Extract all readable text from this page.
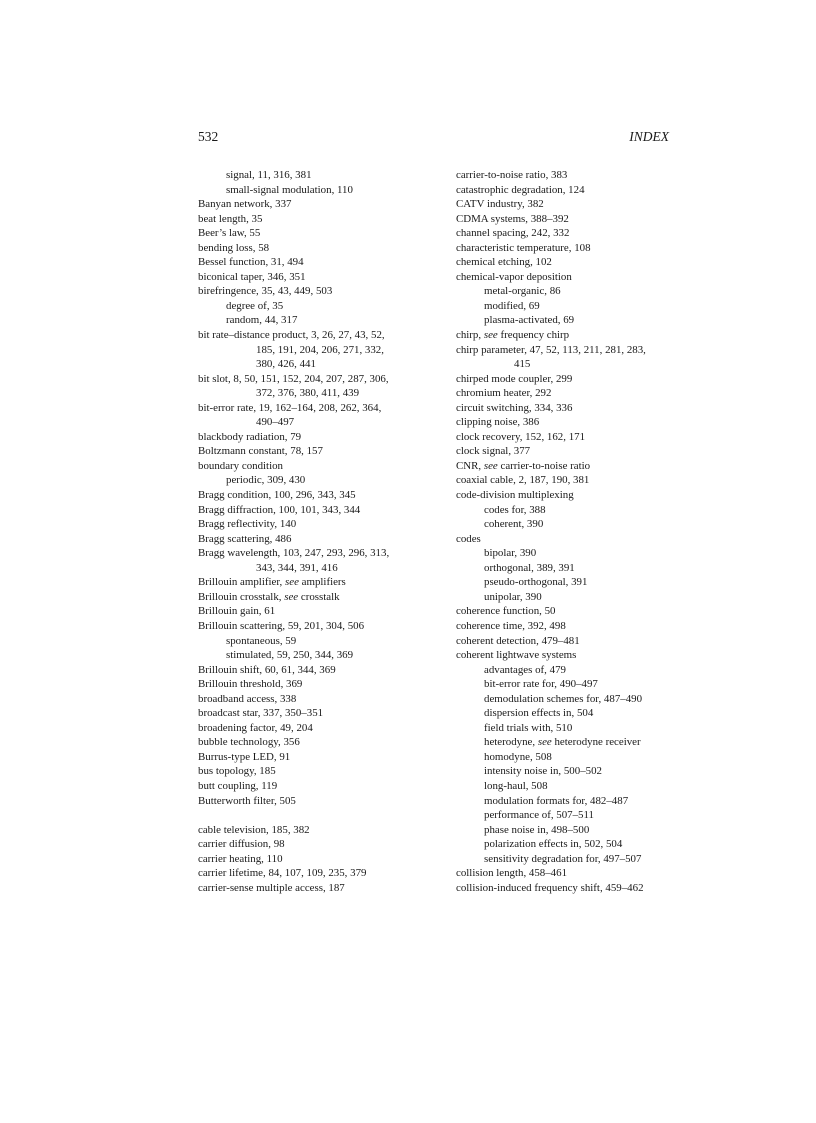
532	INDEX
signal, 11, 316, 381
small-signal modulation, 110
Banyan network, 337
beat length, 35
Beer’s law, 55
bending loss, 58
Bessel function, 31, 494
biconical taper, 346, 351
birefringence, 35, 43, 449, 503
degree of, 35
random, 44, 317
bit rate–distance product, 3, 26, 27, 43, 52,
185, 191, 204, 206, 271, 332,
380, 426, 441
bit slot, 8, 50, 151, 152, 204, 207, 287, 306,
372, 376, 380, 411, 439
bit-error rate, 19, 162–164, 208, 262, 364,
490–497
blackbody radiation, 79
Boltzmann constant, 78, 157
boundary condition
periodic, 309, 430
Bragg condition, 100, 296, 343, 345
Bragg diffraction, 100, 101, 343, 344
Bragg reflectivity, 140
Bragg scattering, 486
Bragg wavelength, 103, 247, 293, 296, 313,
343, 344, 391, 416
Brillouin amplifier, see amplifiers
Brillouin crosstalk, see crosstalk
Brillouin gain, 61
Brillouin scattering, 59, 201, 304, 506
spontaneous, 59
stimulated, 59, 250, 344, 369
Brillouin shift, 60, 61, 344, 369
Brillouin threshold, 369
broadband access, 338
broadcast star, 337, 350–351
broadening factor, 49, 204
bubble technology, 356
Burrus-type LED, 91
bus topology, 185
butt coupling, 119
Butterworth filter, 505
cable television, 185, 382
carrier diffusion, 98
carrier heating, 110
carrier lifetime, 84, 107, 109, 235, 379
carrier-sense multiple access, 187
carrier-to-noise ratio, 383
catastrophic degradation, 124
CATV industry, 382
CDMA systems, 388–392
channel spacing, 242, 332
characteristic temperature, 108
chemical etching, 102
chemical-vapor deposition
metal-organic, 86
modified, 69
plasma-activated, 69
chirp, see frequency chirp
chirp parameter, 47, 52, 113, 211, 281, 283,
415
chirped mode coupler, 299
chromium heater, 292
circuit switching, 334, 336
clipping noise, 386
clock recovery, 152, 162, 171
clock signal, 377
CNR, see carrier-to-noise ratio
coaxial cable, 2, 187, 190, 381
code-division multiplexing
codes for, 388
coherent, 390
codes
bipolar, 390
orthogonal, 389, 391
pseudo-orthogonal, 391
unipolar, 390
coherence function, 50
coherence time, 392, 498
coherent detection, 479–481
coherent lightwave systems
advantages of, 479
bit-error rate for, 490–497
demodulation schemes for, 487–490
dispersion effects in, 504
field trials with, 510
heterodyne, see heterodyne receiver
homodyne, 508
intensity noise in, 500–502
long-haul, 508
modulation formats for, 482–487
performance of, 507–511
phase noise in, 498–500
polarization effects in, 502, 504
sensitivity degradation for, 497–507
collision length, 458–461
collision-induced frequency shift, 459–462
